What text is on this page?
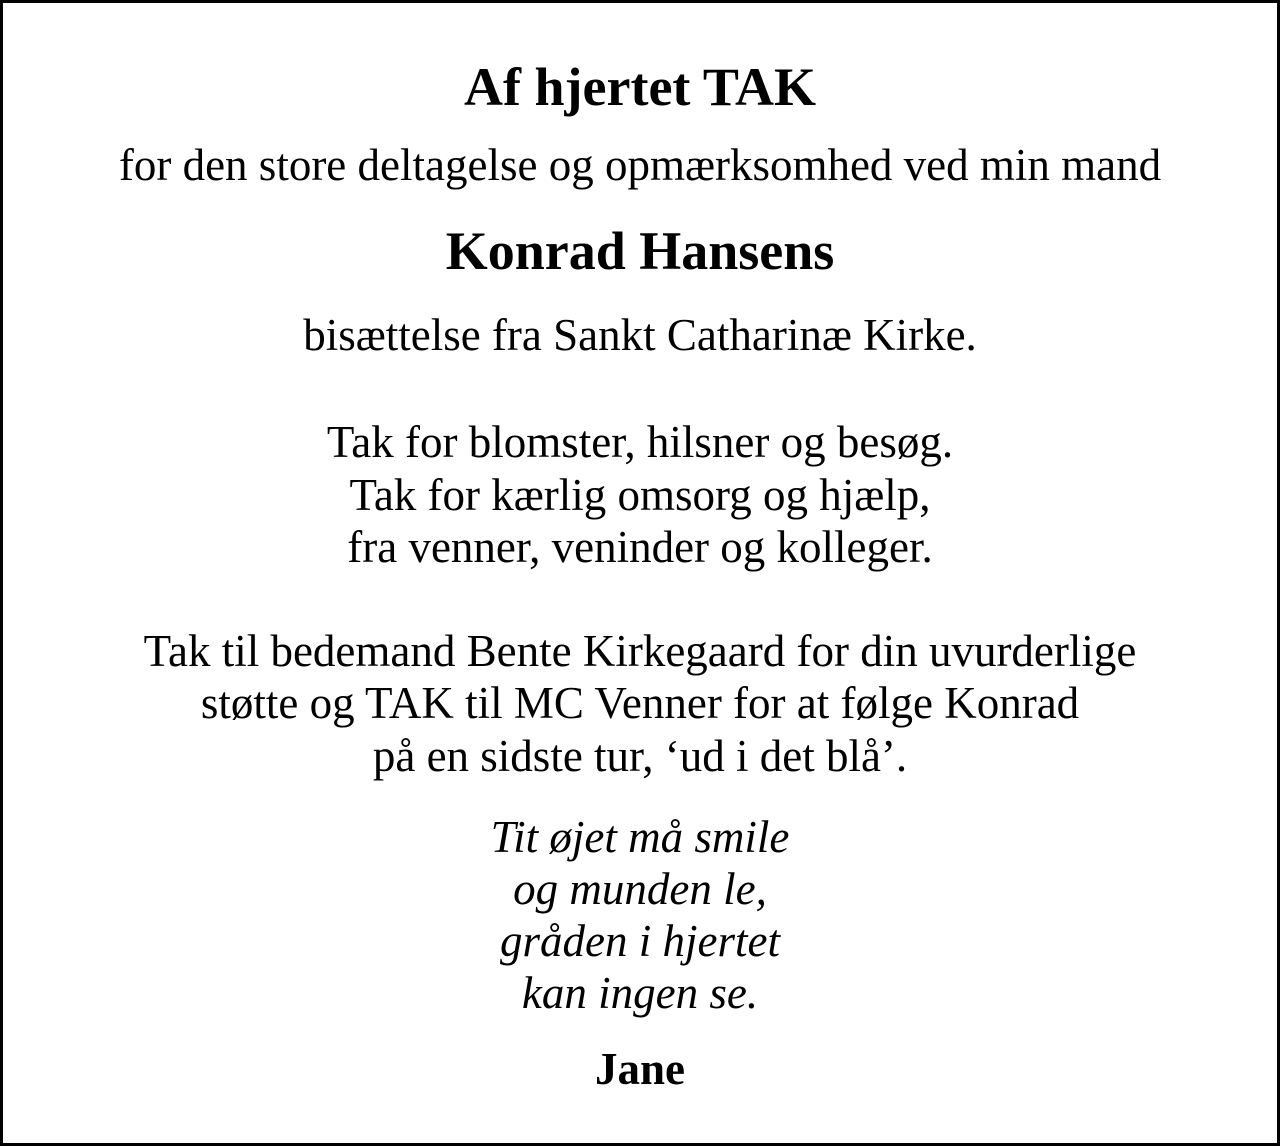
Af hjertet TAK

for den store deltagelse og opmærksomhed ved min mand

Konrad Hansens

bisættelse fra Sankt Catharinæ Kirke.

Tak for blomster, hilsner og besøg.

Tak for kærlig omsorg og hjælp,

fra venner, veninder og kolleger.

Tak til bedemand Bente Kirkegaard for din uvurderlige

støtte og TAK til MC Venner for at følge Konrad

på en sidste tur, ‘ud i det blå’.

Tit øjet må smile

og munden le,

gråden i hjertet

kan ingen se.

Jane
